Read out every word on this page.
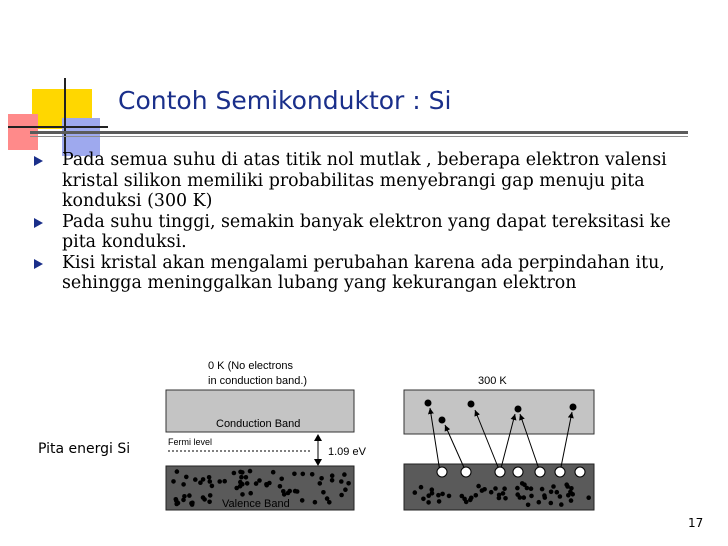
Contoh Semikonduktor : Si
Pada semua suhu di atas titik nol mutlak , beberapa elektron valensi kristal silikon memiliki probabilitas menyebrangi gap menuju pita konduksi (300 K)
Pada suhu tinggi, semakin banyak elektron yang dapat tereksitasi ke pita konduksi.
Kisi kristal akan mengalami perubahan karena ada perpindahan itu, sehingga meninggalkan lubang yang kekurangan elektron
0 K (No electrons
in conduction band.)
Conduction Band
Fermi level
1.09 eV
Valence Band
300 K
Pita energi Si
17
